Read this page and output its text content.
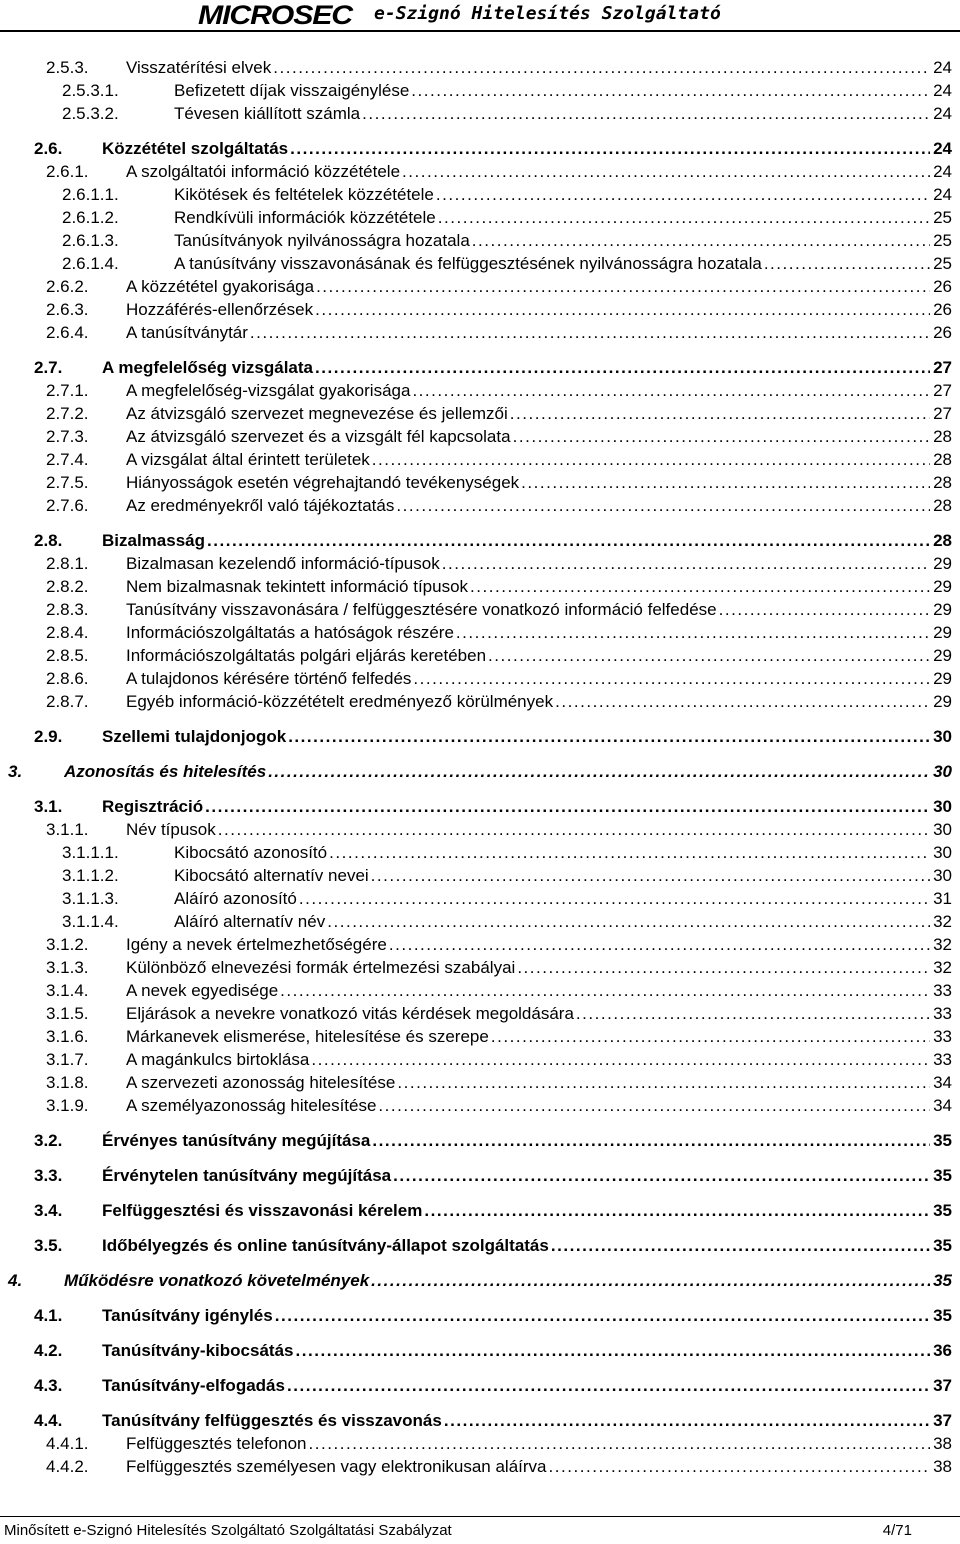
MICROSEC e-Szignó Hitelesítés Szolgáltató
2.5.3. Visszatérítési elvek . . .	24
2.5.3.1.	Befizetett díjak visszaigénylése . . .	24
2.5.3.2.	Tévesen kiállított számla . . .	24
2.6. Közzététel szolgáltatás . . .	24
2.6.1. A szolgáltatói információ közzététele . . .	24
2.6.1.1.	Kikötések és feltételek közzététele . . .	24
2.6.1.2.	Rendkívüli információk közzététele . . .	25
2.6.1.3.	Tanúsítványok nyilvánosságra hozatala . . .	25
2.6.1.4.	A tanúsítvány visszavonásának és felfüggesztésének nyilvánosságra hozatala . . .	25
2.6.2. A közzététel gyakorisága . . .	26
2.6.3. Hozzáférés-ellenőrzések . . .	26
2.6.4. A tanúsítványtár . . .	26
2.7. A megfelelőség vizsgálata . . .	27
2.7.1. A megfelelőség-vizsgálat gyakorisága . . .	27
2.7.2. Az átvizsgáló szervezet megnevezése és jellemzői . . .	27
2.7.3. Az átvizsgáló szervezet és a vizsgált fél kapcsolata . . .	28
2.7.4. A vizsgálat által érintett területek . . .	28
2.7.5. Hiányosságok esetén végrehajtandó tevékenységek . . .	28
2.7.6. Az eredményekről való tájékoztatás . . .	28
2.8. Bizalmasság . . .	28
2.8.1. Bizalmasan kezelendő információ-típusok . . .	29
2.8.2. Nem bizalmasnak tekintett információ típusok . . .	29
2.8.3. Tanúsítvány visszavonására / felfüggesztésére vonatkozó információ felfedése . . .	29
2.8.4. Információszolgáltatás a hatóságok részére . . .	29
2.8.5. Információszolgáltatás polgári eljárás keretében . . .	29
2.8.6. A tulajdonos kérésére történő felfedés . . .	29
2.8.7. Egyéb információ-közzétételt eredményező körülmények . . .	29
2.9. Szellemi tulajdonjogok . . .	30
3. Azonosítás és hitelesítés . . .	30
3.1. Regisztráció . . .	30
3.1.1. Név típusok . . .	30
3.1.1.1.	Kibocsátó azonosító . . .	30
3.1.1.2.	Kibocsátó alternatív nevei . . .	30
3.1.1.3.	Aláíró azonosító . . .	31
3.1.1.4.	Aláíró alternatív név . . .	32
3.1.2. Igény a nevek értelmezhetőségére . . .	32
3.1.3. Különböző elnevezési formák értelmezési szabályai . . .	32
3.1.4. A nevek egyedisége . . .	33
3.1.5. Eljárások a nevekre vonatkozó vitás kérdések megoldására . . .	33
3.1.6. Márkanevek elismerése, hitelesítése és szerepe . . .	33
3.1.7. A magánkulcs birtoklása . . .	33
3.1.8. A szervezeti azonosság hitelesítése . . .	34
3.1.9. A személyazonosság hitelesítése . . .	34
3.2. Érvényes tanúsítvány megújítása . . .	35
3.3. Érvénytelen tanúsítvány megújítása . . .	35
3.4. Felfüggesztési és visszavonási kérelem . . .	35
3.5. Időbélyegzés és online tanúsítvány-állapot szolgáltatás . . .	35
4. Működésre vonatkozó követelmények . . .	35
4.1. Tanúsítvány igénylés . . .	35
4.2. Tanúsítvány-kibocsátás . . .	36
4.3. Tanúsítvány-elfogadás . . .	37
4.4. Tanúsítvány felfüggesztés és visszavonás . . .	37
4.4.1. Felfüggesztés telefonon . . .	38
4.4.2. Felfüggesztés személyesen vagy elektronikusan aláírva . . .	38
Minősített e-Szignó Hitelesítés Szolgáltató Szolgáltatási Szabályzat	4/71
